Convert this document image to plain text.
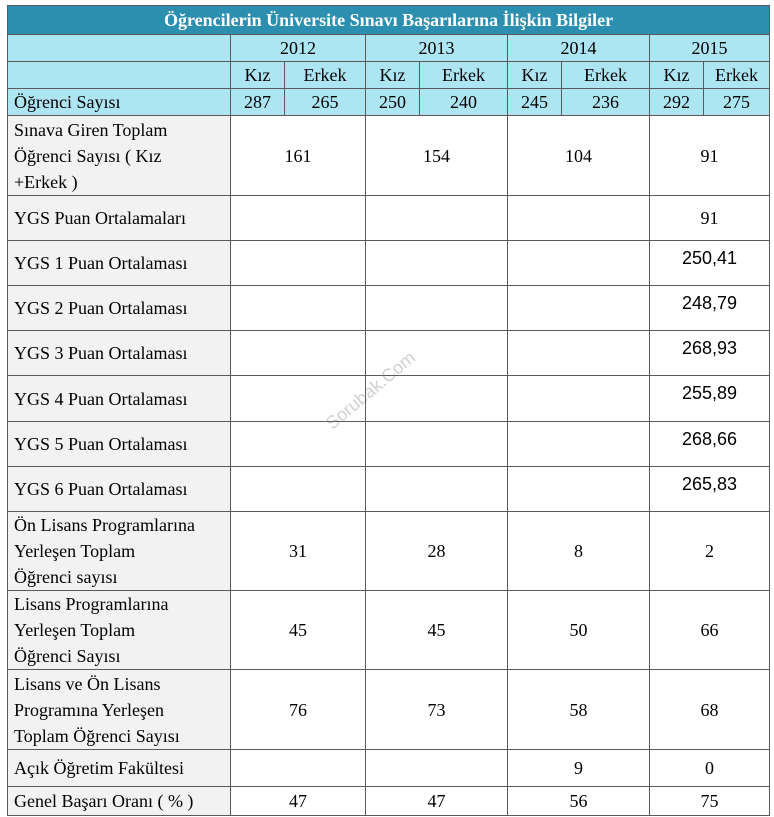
Öğrencilerin Üniversite Sınavı Başarılarına İlişkin Bilgiler								
	2012		2013		2014		2015	
	Kız	Erkek	Kız	Erkek	Kız	Erkek	Kız	Erkek
Öğrenci Sayısı	287	265	250	240	245	236	292	275

Sınava Giren Toplam
Öğrenci Sayısı ( Kız
+Erkek )	161		154		104		91	
YGS Puan Ortalamaları							91	
YGS 1 Puan Ortalaması							250,41	
YGS 2 Puan Ortalaması							248,79	
YGS 3 Puan Ortalaması							268,93	
YGS 4 Puan Ortalaması							255,89	
YGS 5 Puan Ortalaması							268,66	
YGS 6 Puan Ortalaması							265,83	

Ön Lisans Programlarına
Yerleşen Toplam
Öğrenci sayısı	31		28		8		2	

Lisans Programlarına
Yerleşen Toplam
Öğrenci Sayısı	45		45		50		66	

Lisans ve Ön Lisans
Programına Yerleşen
Toplam Öğrenci Sayısı	76		73		58		68	
Açık Öğretim Fakültesi					9		0	
Genel Başarı Oranı ( % )	47		47		56		75	
Sorubak.Com
